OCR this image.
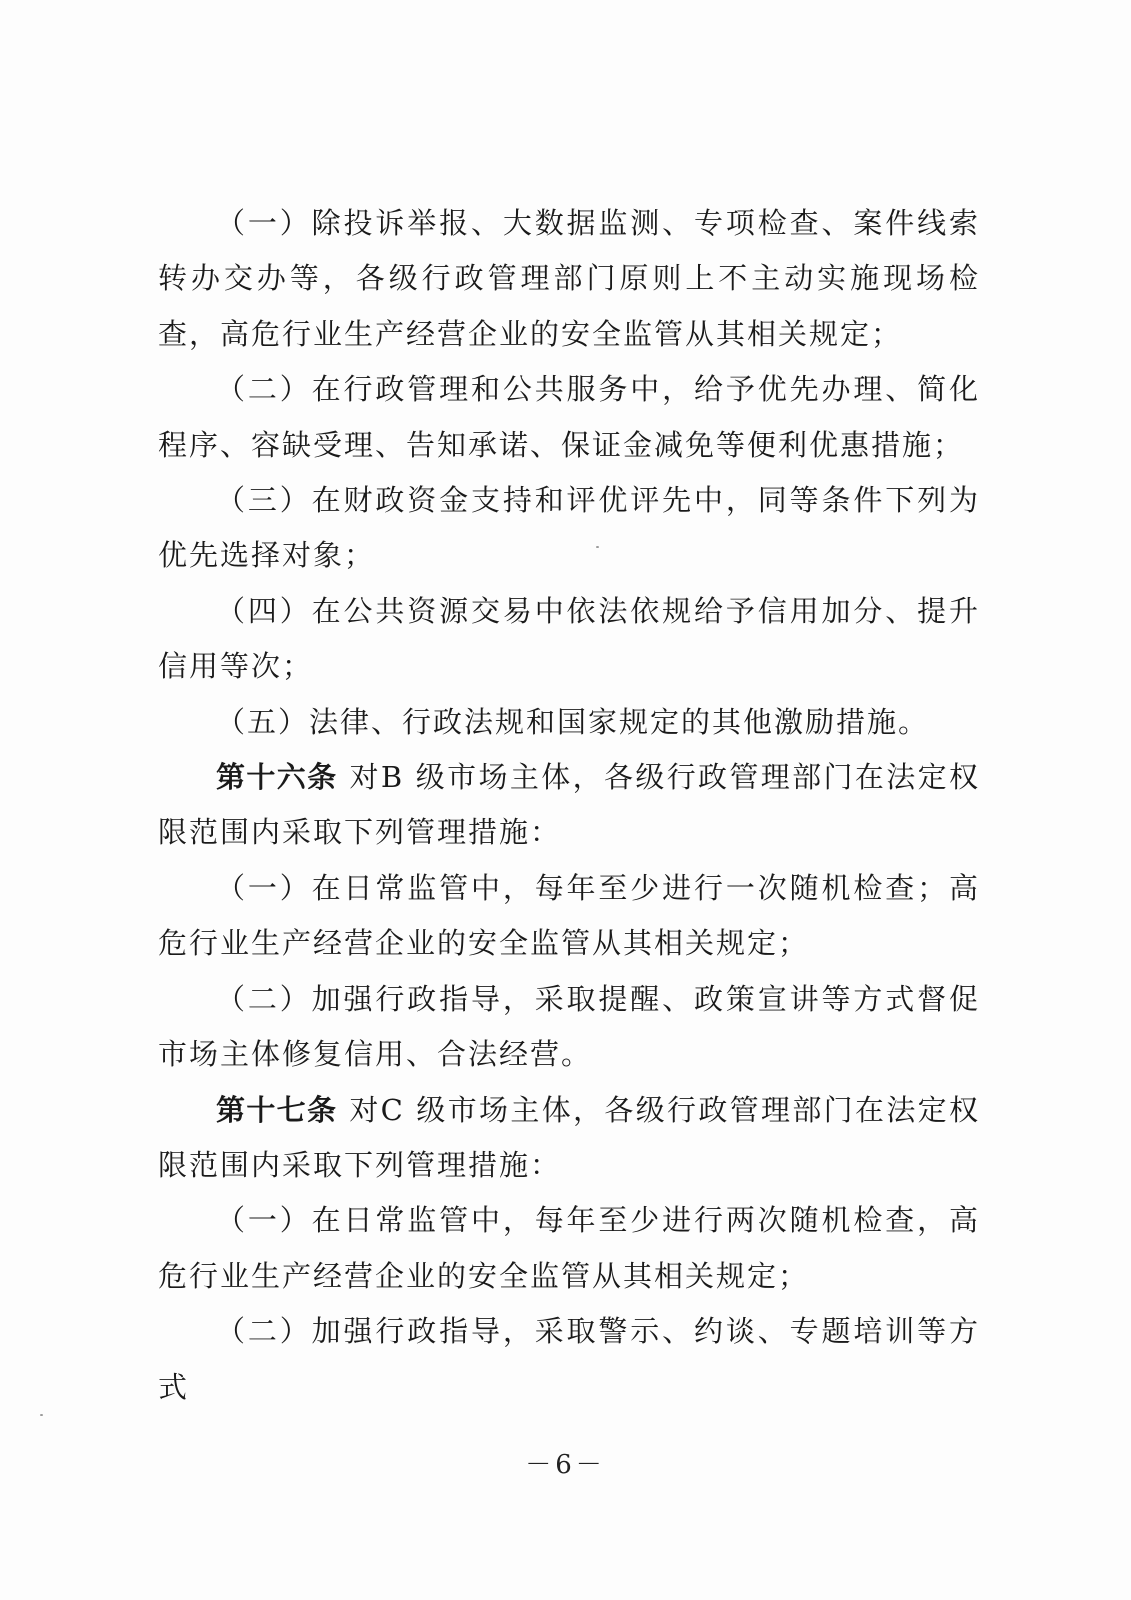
（一）除投诉举报、大数据监测、专项检查、案件线索转办交办等，各级行政管理部门原则上不主动实施现场检查，高危行业生产经营企业的安全监管从其相关规定；

（二）在行政管理和公共服务中，给予优先办理、简化程序、容缺受理、告知承诺、保证金减免等便利优惠措施；

（三）在财政资金支持和评优评先中，同等条件下列为优先选择对象；

（四）在公共资源交易中依法依规给予信用加分、提升信用等次；

（五）法律、行政法规和国家规定的其他激励措施。

第十六条 对B 级市场主体，各级行政管理部门在法定权限范围内采取下列管理措施：

（一）在日常监管中，每年至少进行一次随机检查；高危行业生产经营企业的安全监管从其相关规定；

（二）加强行政指导，采取提醒、政策宣讲等方式督促市场主体修复信用、合法经营。

第十七条 对C 级市场主体，各级行政管理部门在法定权限范围内采取下列管理措施：

（一）在日常监管中，每年至少进行两次随机检查，高危行业生产经营企业的安全监管从其相关规定；

（二）加强行政指导，采取警示、约谈、专题培训等方式

－6－
